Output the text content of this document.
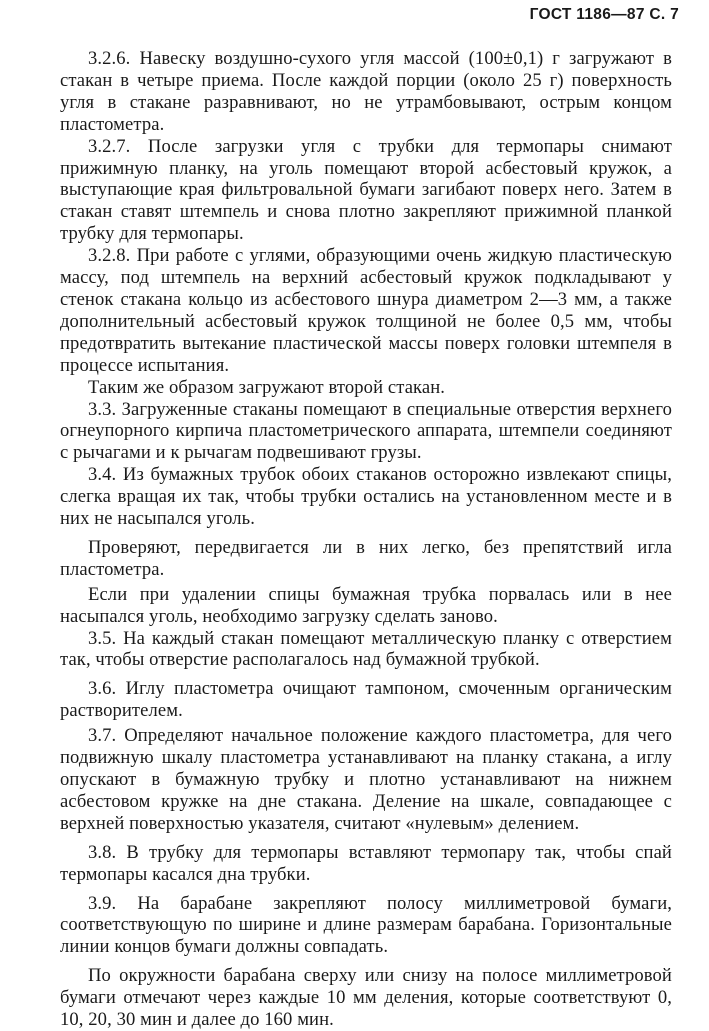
ГОСТ 1186—87 С. 7

3.2.6. Навеску воздушно-сухого угля массой (100±0,1) г загружают в стакан в четыре приема. После каждой порции (около 25 г) поверхность угля в стакане разравнивают, но не утрамбовывают, острым концом пластометра.

3.2.7. После загрузки угля с трубки для термопары снимают прижимную планку, на уголь помещают второй асбестовый кружок, а выступающие края фильтровальной бумаги загибают поверх него. Затем в стакан ставят штемпель и снова плотно закрепляют прижимной планкой трубку для термопары.

3.2.8. При работе с углями, образующими очень жидкую пластическую массу, под штемпель на верхний асбестовый кружок подкладывают у стенок стакана кольцо из асбестового шнура диаметром 2—3 мм, а также дополнительный асбестовый кружок толщиной не более 0,5 мм, чтобы предотвратить вытекание пластической массы поверх головки штемпеля в процессе испытания.

Таким же образом загружают второй стакан.

3.3. Загруженные стаканы помещают в специальные отверстия верхнего огнеупорного кирпича пластометрического аппарата, штемпели соединяют с рычагами и к рычагам подвешивают грузы.

3.4. Из бумажных трубок обоих стаканов осторожно извлекают спицы, слегка вращая их так, чтобы трубки остались на установленном месте и в них не насыпался уголь.

Проверяют, передвигается ли в них легко, без препятствий игла пластометра.

Если при удалении спицы бумажная трубка порвалась или в нее насыпался уголь, необходимо загрузку сделать заново.

3.5. На каждый стакан помещают металлическую планку с отверстием так, чтобы отверстие располагалось над бумажной трубкой.

3.6. Иглу пластометра очищают тампоном, смоченным органическим растворителем.

3.7. Определяют начальное положение каждого пластометра, для чего подвижную шкалу пластометра устанавливают на планку стакана, а иглу опускают в бумажную трубку и плотно устанавливают на нижнем асбестовом кружке на дне стакана. Деление на шкале, совпадающее с верхней поверхностью указателя, считают «нулевым» делением.

3.8. В трубку для термопары вставляют термопару так, чтобы спай термопары касался дна трубки.

3.9. На барабане закрепляют полосу миллиметровой бумаги, соответствующую по ширине и длине размерам барабана. Горизонтальные линии концов бумаги должны совпадать.

По окружности барабана сверху или снизу на полосе миллиметровой бумаги отмечают через каждые 10 мм деления, которые соответствуют 0, 10, 20, 30 мин и далее до 160 мин.
